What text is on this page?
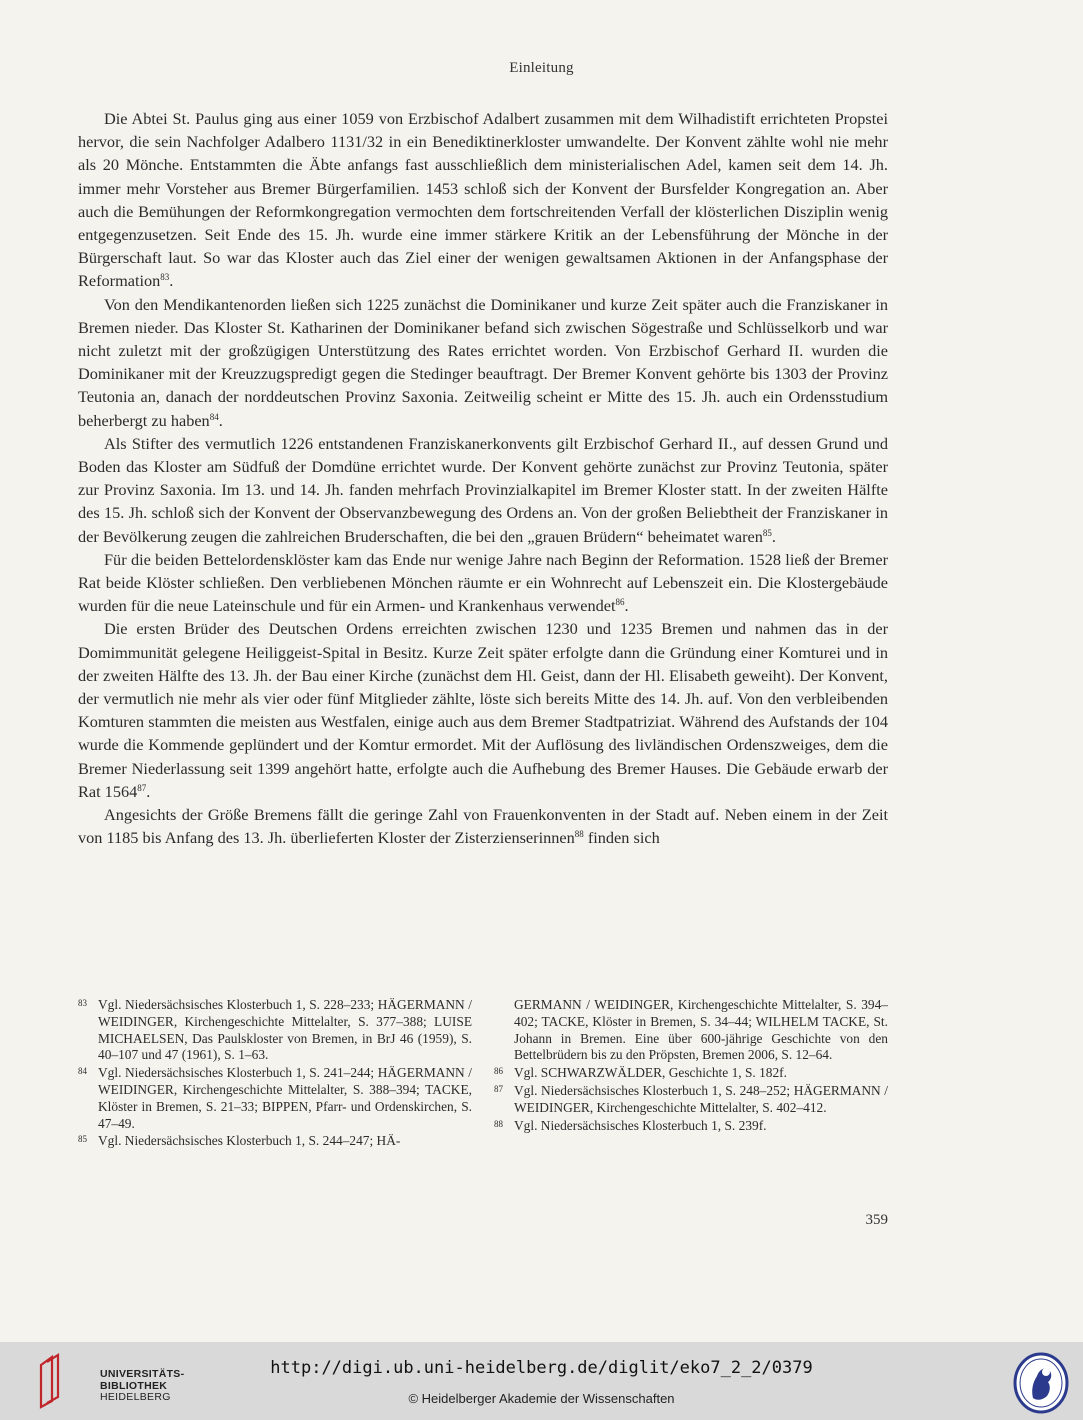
Einleitung

Die Abtei St. Paulus ging aus einer 1059 von Erzbischof Adalbert zusammen mit dem Wilhadistift errichteten Propstei hervor, die sein Nachfolger Adalbero 1131/32 in ein Benediktinerkloster umwandelte. Der Konvent zählte wohl nie mehr als 20 Mönche. Entstammten die Äbte anfangs fast ausschließlich dem ministerialischen Adel, kamen seit dem 14. Jh. immer mehr Vorsteher aus Bremer Bürgerfamilien. 1453 schloß sich der Konvent der Bursfelder Kongregation an. Aber auch die Bemühungen der Reformkongregation vermochten dem fortschreitenden Verfall der klösterlichen Disziplin wenig entgegenzusetzen. Seit Ende des 15. Jh. wurde eine immer stärkere Kritik an der Lebensführung der Mönche in der Bürgerschaft laut. So war das Kloster auch das Ziel einer der wenigen gewaltsamen Aktionen in der Anfangsphase der Reformation$^{83}$.

Von den Mendikantenorden ließen sich 1225 zunächst die Dominikaner und kurze Zeit später auch die Franziskaner in Bremen nieder. Das Kloster St. Katharinen der Dominikaner befand sich zwischen Sögestraße und Schlüsselkorb und war nicht zuletzt mit der großzügigen Unterstützung des Rates errichtet worden. Von Erzbischof Gerhard II. wurden die Dominikaner mit der Kreuzzugspredigt gegen die Stedinger beauftragt. Der Bremer Konvent gehörte bis 1303 der Provinz Teutonia an, danach der norddeutschen Provinz Saxonia. Zeitweilig scheint er Mitte des 15. Jh. auch ein Ordensstudium beherbergt zu haben$^{84}$.

Als Stifter des vermutlich 1226 entstandenen Franziskanerkonvents gilt Erzbischof Gerhard II., auf dessen Grund und Boden das Kloster am Südfuß der Domdüne errichtet wurde. Der Konvent gehörte zunächst zur Provinz Teutonia, später zur Provinz Saxonia. Im 13. und 14. Jh. fanden mehrfach Provinzialkapitel im Bremer Kloster statt. In der zweiten Hälfte des 15. Jh. schloß sich der Konvent der Observanzbewegung des Ordens an. Von der großen Beliebtheit der Franziskaner in der Bevölkerung zeugen die zahlreichen Bruderschaften, die bei den „grauen Brüdern“ beheimatet waren$^{85}$.

Für die beiden Bettelordensklöster kam das Ende nur wenige Jahre nach Beginn der Reformation. 1528 ließ der Bremer Rat beide Klöster schließen. Den verbliebenen Mönchen räumte er ein Wohnrecht auf Lebenszeit ein. Die Klostergebäude wurden für die neue Lateinschule und für ein Armen- und Krankenhaus verwendet$^{86}$.

Die ersten Brüder des Deutschen Ordens erreichten zwischen 1230 und 1235 Bremen und nahmen das in der Domimmunität gelegene Heiliggeist-Spital in Besitz. Kurze Zeit später erfolgte dann die Gründung einer Komturei und in der zweiten Hälfte des 13. Jh. der Bau einer Kirche (zunächst dem Hl. Geist, dann der Hl. Elisabeth geweiht). Der Konvent, der vermutlich nie mehr als vier oder fünf Mitglieder zählte, löste sich bereits Mitte des 14. Jh. auf. Von den verbleibenden Komturen stammten die meisten aus Westfalen, einige auch aus dem Bremer Stadtpatriziat. Während des Aufstands der 104 wurde die Kommende geplündert und der Komtur ermordet. Mit der Auflösung des livländischen Ordenszweiges, dem die Bremer Niederlassung seit 1399 angehört hatte, erfolgte auch die Aufhebung des Bremer Hauses. Die Gebäude erwarb der Rat 1564$^{87}$.

Angesichts der Größe Bremens fällt die geringe Zahl von Frauenkonventen in der Stadt auf. Neben einem in der Zeit von 1185 bis Anfang des 13. Jh. überlieferten Kloster der Zisterzienserinnen$^{88}$ finden sich

83 Vgl. Niedersächsisches Klosterbuch 1, S. 228–233; HÄGERMANN / WEIDINGER, Kirchengeschichte Mittelalter, S. 377–388; LUISE MICHAELSEN, Das Paulskloster von Bremen, in BrJ 46 (1959), S. 40–107 und 47 (1961), S. 1–63.
84 Vgl. Niedersächsisches Klosterbuch 1, S. 241–244; HÄGERMANN / WEIDINGER, Kirchengeschichte Mittelalter, S. 388–394; TACKE, Klöster in Bremen, S. 21–33; BIPPEN, Pfarr- und Ordenskirchen, S. 47–49.
85 Vgl. Niedersächsisches Klosterbuch 1, S. 244–247; HÄ-
GERMANN / WEIDINGER, Kirchengeschichte Mittelalter, S. 394–402; TACKE, Klöster in Bremen, S. 34–44; WILHELM TACKE, St. Johann in Bremen. Eine über 600-jährige Geschichte von den Bettelbrüdern bis zu den Pröpsten, Bremen 2006, S. 12–64.
86 Vgl. SCHWARZWÄLDER, Geschichte 1, S. 182f.
87 Vgl. Niedersächsisches Klosterbuch 1, S. 248–252; HÄGERMANN / WEIDINGER, Kirchengeschichte Mittelalter, S. 402–412.
88 Vgl. Niedersächsisches Klosterbuch 1, S. 239f.
359
UNIVERSITÄTS-
BIBLIOTHEK
HEIDELBERG
http://digi.ub.uni-heidelberg.de/diglit/eko7_2_2/0379
© Heidelberger Akademie der Wissenschaften
